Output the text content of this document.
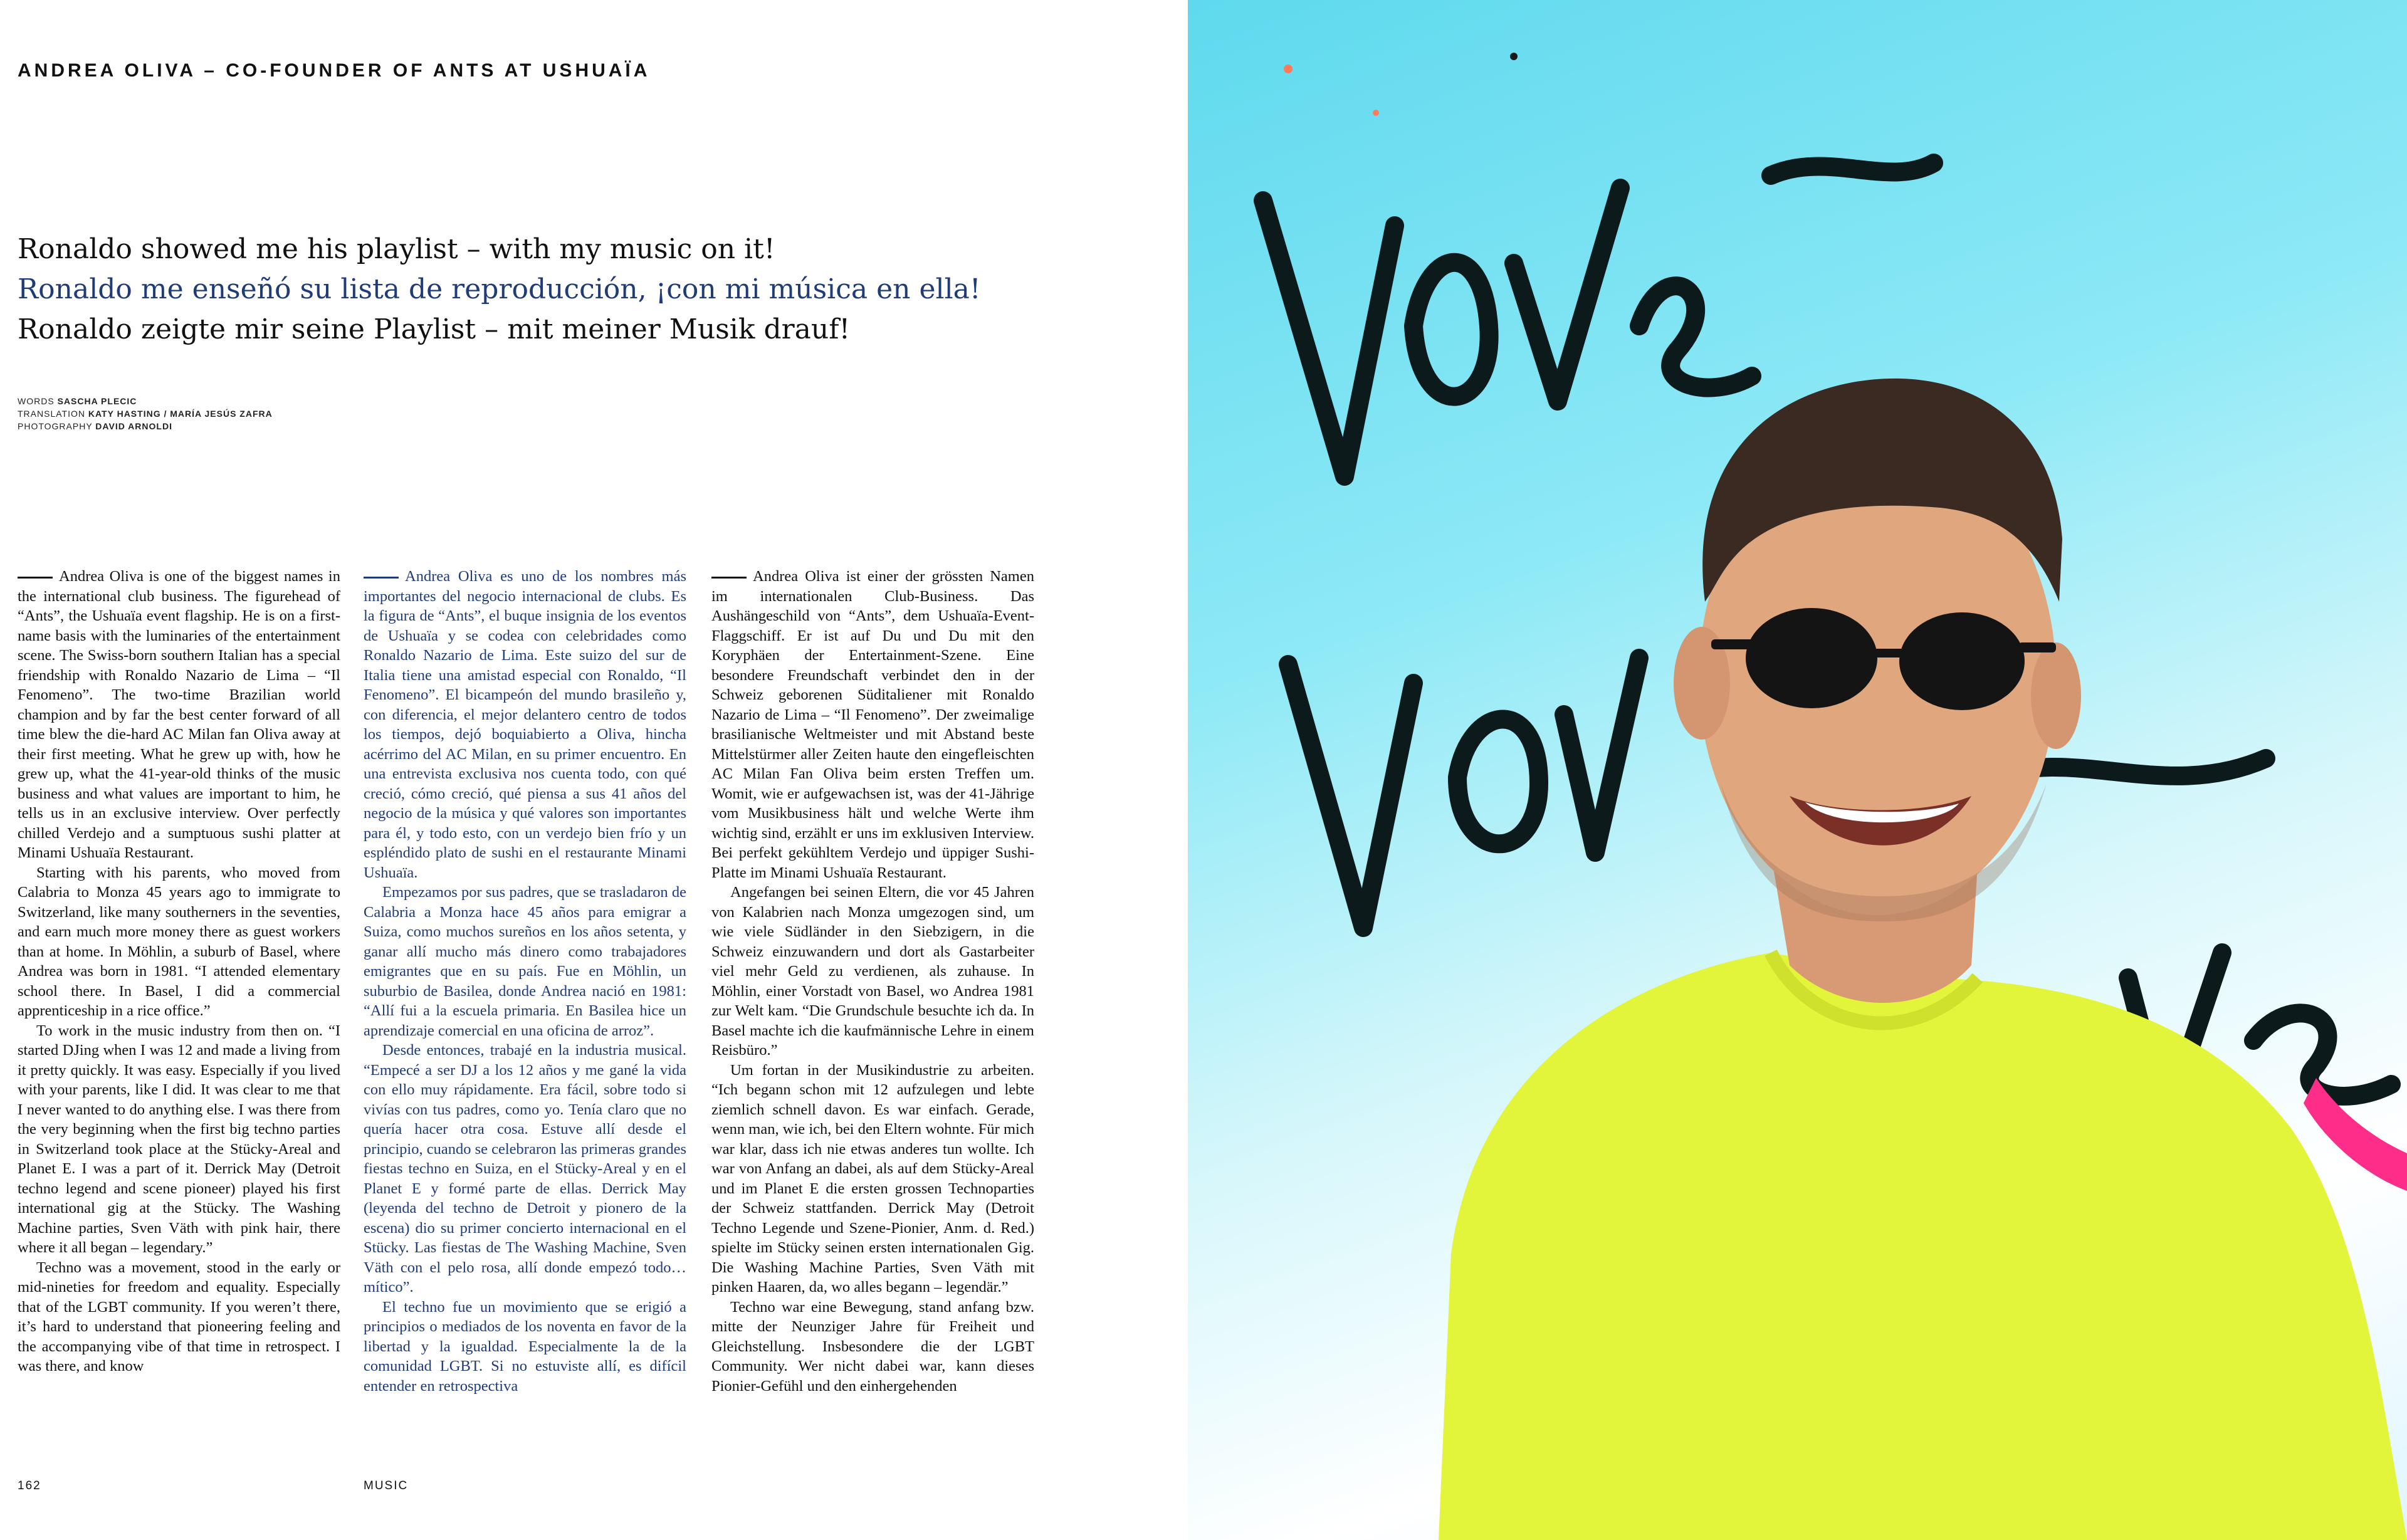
ANDREA OLIVA – CO-FOUNDER OF ANTS AT USHUAÏA
Ronaldo showed me his playlist – with my music on it!
Ronaldo me enseñó su lista de reproducción, ¡con mi música en ella!
Ronaldo zeigte mir seine Playlist – mit meiner Musik drauf!
WORDS SASCHA PLECIC
TRANSLATION KATY HASTING / MARÍA JESÚS ZAFRA
PHOTOGRAPHY DAVID ARNOLDI

Andrea Oliva is one of the biggest names in the international club business. The figurehead of “Ants”, the Ushuaïa event flagship. He is on a first-name basis with the luminaries of the entertainment scene. The Swiss-born southern Italian has a special friendship with Ronaldo Nazario de Lima – “Il Fenomeno”. The two-time Brazilian world champion and by far the best center forward of all time blew the die-hard AC Milan fan Oliva away at their first meeting. What he grew up with, how he grew up, what the 41-year-old thinks of the music business and what values are important to him, he tells us in an exclusive interview. Over perfectly chilled Verdejo and a sumptuous sushi platter at Minami Ushuaïa Restaurant.

Starting with his parents, who moved from Calabria to Monza 45 years ago to immigrate to Switzerland, like many southerners in the seventies, and earn much more money there as guest workers than at home. In Möhlin, a suburb of Basel, where Andrea was born in 1981. “I attended elementary school there. In Basel, I did a commercial apprenticeship in a rice office.”

To work in the music industry from then on. “I started DJing when I was 12 and made a living from it pretty quickly. It was easy. Especially if you lived with your parents, like I did. It was clear to me that I never wanted to do anything else. I was there from the very beginning when the first big techno parties in Switzerland took place at the Stücky-Areal and Planet E. I was a part of it. Derrick May (Detroit techno legend and scene pioneer) played his first international gig at the Stücky. The Washing Machine parties, Sven Väth with pink hair, there where it all began – legendary.”

Techno was a movement, stood in the early or mid-nineties for freedom and equality. Especially that of the LGBT community. If you weren’t there, it’s hard to understand that pioneering feeling and the accompanying vibe of that time in retrospect. I was there, and know

Andrea Oliva es uno de los nombres más importantes del negocio internacional de clubs. Es la figura de “Ants”, el buque insignia de los eventos de Ushuaïa y se codea con celebridades como Ronaldo Nazario de Lima. Este suizo del sur de Italia tiene una amistad especial con Ronaldo, “Il Fenomeno”. El bicampeón del mundo brasileño y, con diferencia, el mejor delantero centro de todos los tiempos, dejó boquiabierto a Oliva, hincha acérrimo del AC Milan, en su primer encuentro. En una entrevista exclusiva nos cuenta todo, con qué creció, cómo creció, qué piensa a sus 41 años del negocio de la música y qué valores son importantes para él, y todo esto, con un verdejo bien frío y un espléndido plato de sushi en el restaurante Minami Ushuaïa.

Empezamos por sus padres, que se trasladaron de Calabria a Monza hace 45 años para emigrar a Suiza, como muchos sureños en los años setenta, y ganar allí mucho más dinero como trabajadores emigrantes que en su país. Fue en Möhlin, un suburbio de Basilea, donde Andrea nació en 1981: “Allí fui a la escuela primaria. En Basilea hice un aprendizaje comercial en una oficina de arroz”.

Desde entonces, trabajé en la industria musical. “Empecé a ser DJ a los 12 años y me gané la vida con ello muy rápidamente. Era fácil, sobre todo si vivías con tus padres, como yo. Tenía claro que no quería hacer otra cosa. Estuve allí desde el principio, cuando se celebraron las primeras grandes fiestas techno en Suiza, en el Stücky-Areal y en el Planet E y formé parte de ellas. Derrick May (leyenda del techno de Detroit y pionero de la escena) dio su primer concierto internacional en el Stücky. Las fiestas de The Washing Machine, Sven Väth con el pelo rosa, allí donde empezó todo… mítico”.

El techno fue un movimiento que se erigió a principios o mediados de los noventa en favor de la libertad y la igualdad. Especialmente la de la comunidad LGBT. Si no estuviste allí, es difícil entender en retrospectiva

Andrea Oliva ist einer der grössten Namen im internationalen Club-Business. Das Aushängeschild von “Ants”, dem Ushuaïa-Event-Flaggschiff. Er ist auf Du und Du mit den Koryphäen der Entertainment-Szene. Eine besondere Freundschaft verbindet den in der Schweiz geborenen Süditaliener mit Ronaldo Nazario de Lima – “Il Fenomeno”. Der zweimalige brasilianische Weltmeister und mit Abstand beste Mittelstürmer aller Zeiten haute den eingefleischten AC Milan Fan Oliva beim ersten Treffen um. Womit, wie er aufgewachsen ist, was der 41-Jährige vom Musikbusiness hält und welche Werte ihm wichtig sind, erzählt er uns im exklusiven Interview. Bei perfekt gekühltem Verdejo und üppiger Sushi-Platte im Minami Ushuaïa Restaurant.

Angefangen bei seinen Eltern, die vor 45 Jahren von Kalabrien nach Monza umgezogen sind, um wie viele Südländer in den Siebzigern, in die Schweiz einzuwandern und dort als Gastarbeiter viel mehr Geld zu verdienen, als zuhause. In Möhlin, einer Vorstadt von Basel, wo Andrea 1981 zur Welt kam. “Die Grundschule besuchte ich da. In Basel machte ich die kaufmännische Lehre in einem Reisbüro.”

Um fortan in der Musikindustrie zu arbeiten. “Ich begann schon mit 12 aufzulegen und lebte ziemlich schnell davon. Es war einfach. Gerade, wenn man, wie ich, bei den Eltern wohnte. Für mich war klar, dass ich nie etwas anderes tun wollte. Ich war von Anfang an dabei, als auf dem Stücky-Areal und im Planet E die ersten grossen Technoparties der Schweiz stattfanden. Derrick May (Detroit Techno Legende und Szene-Pionier, Anm. d. Red.) spielte im Stücky seinen ersten internationalen Gig. Die Washing Machine Parties, Sven Väth mit pinken Haaren, da, wo alles begann – legendär.”

Techno war eine Bewegung, stand anfang bzw. mitte der Neunziger Jahre für Freiheit und Gleichstellung. Insbesondere die der LGBT Community. Wer nicht dabei war, kann dieses Pionier-Gefühl und den einhergehenden

162	MUSIC
